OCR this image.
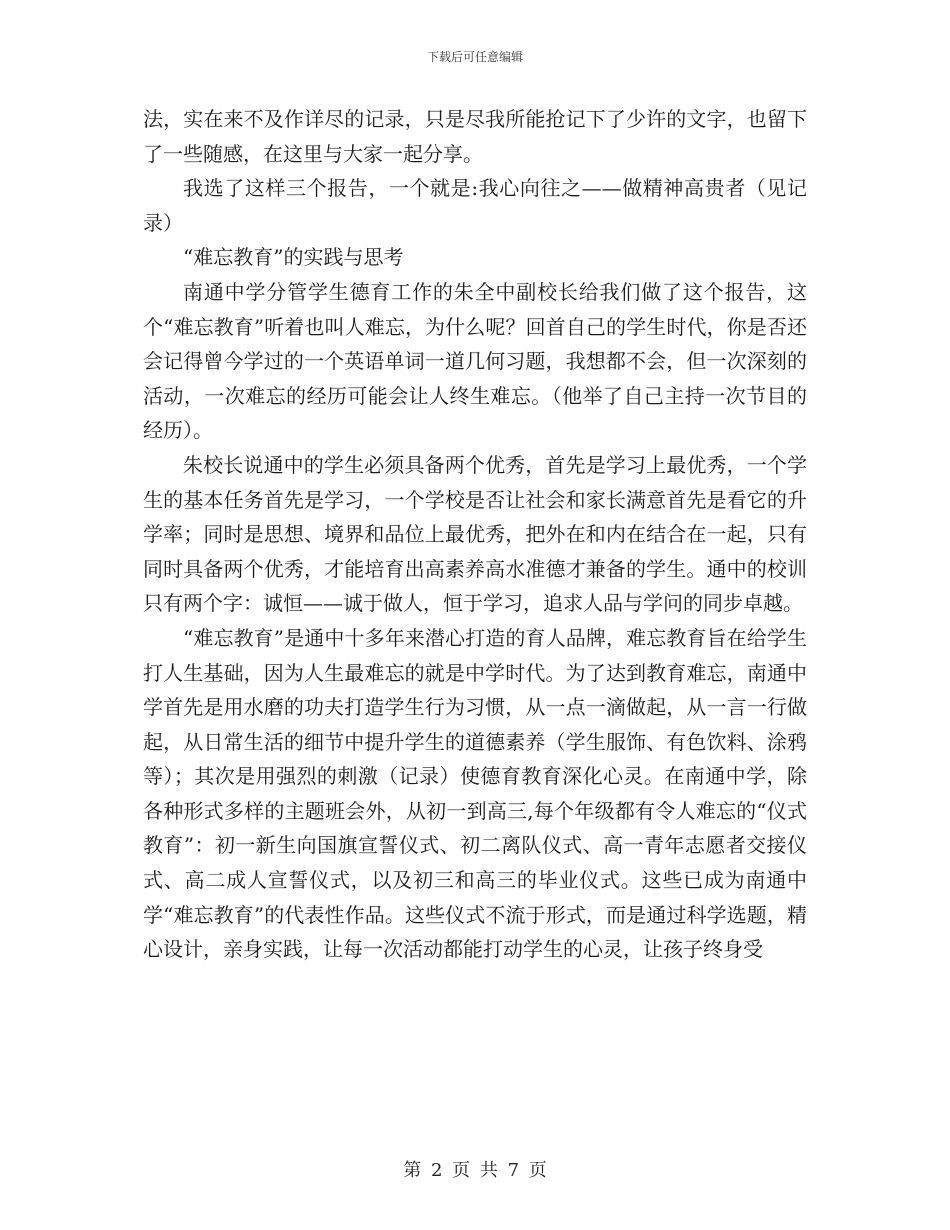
下载后可任意编辑

法，实在来不及作详尽的记录，只是尽我所能抢记下了少许的文字，也留下了一些随感，在这里与大家一起分享。

我选了这样三个报告，一个就是:我心向往之——做精神高贵者（见记录）

“难忘教育”的实践与思考

南通中学分管学生德育工作的朱全中副校长给我们做了这个报告，这个“难忘教育”听着也叫人难忘，为什么呢？回首自己的学生时代，你是否还会记得曾今学过的一个英语单词一道几何习题，我想都不会，但一次深刻的活动，一次难忘的经历可能会让人终生难忘。（他举了自己主持一次节目的经历）。

朱校长说通中的学生必须具备两个优秀，首先是学习上最优秀，一个学生的基本任务首先是学习，一个学校是否让社会和家长满意首先是看它的升学率；同时是思想、境界和品位上最优秀，把外在和内在结合在一起，只有同时具备两个优秀，才能培育出高素养高水准德才兼备的学生。通中的校训只有两个字：诚恒——诚于做人，恒于学习，追求人品与学问的同步卓越。

“难忘教育”是通中十多年来潜心打造的育人品牌，难忘教育旨在给学生打人生基础，因为人生最难忘的就是中学时代。为了达到教育难忘，南通中学首先是用水磨的功夫打造学生行为习惯，从一点一滴做起，从一言一行做起，从日常生活的细节中提升学生的道德素养（学生服饰、有色饮料、涂鸦等）；其次是用强烈的刺激（记录）使德育教育深化心灵。在南通中学，除各种形式多样的主题班会外，从初一到高三,每个年级都有令人难忘的“仪式教育”：初一新生向国旗宣誓仪式、初二离队仪式、高一青年志愿者交接仪式、高二成人宣誓仪式，以及初三和高三的毕业仪式。这些已成为南通中学“难忘教育”的代表性作品。这些仪式不流于形式，而是通过科学选题，精心设计，亲身实践，让每一次活动都能打动学生的心灵，让孩子终身受

第 2 页 共 7 页
